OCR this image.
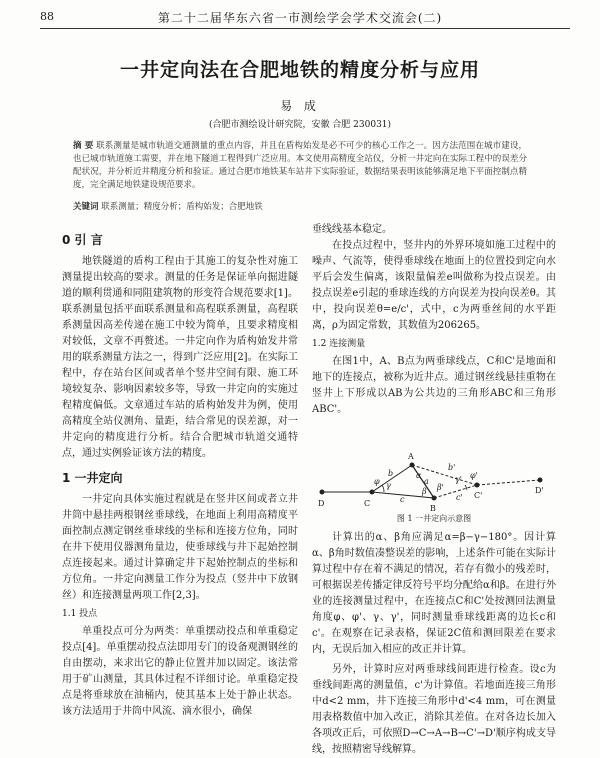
88	第二十二届华东六省一市测绘学会学术交流会(二)
一井定向法在合肥地铁的精度分析与应用
易 成
(合肥市测绘设计研究院，安徽 合肥 230031)
摘 要 联系测量是城市轨道交通测量的重点内容，并且在盾构始发是必不可少的核心工作之一。因方法范围在城市建设，也已城市轨道施工需要，并在地下隧道工程得到广泛应用。本文使用高精度全站仪，分析一井定向在实际工程中的误差分配状况，并分析近井精度分析和验证。通过合肥市地铁某车站井下实际验证，数据结果表明该能够满足地下平面控制点精度，完全满足地铁建设规范要求。
关键词 联系测量；精度分析；盾构始发；合肥地铁
0 引 言

地铁隧道的盾构工程由于其施工的复杂性对施工测量提出较高的要求。测量的任务是保证单向掘进隧道的顺利贯通和同阻建筑物的形变符合规范要求[1]。联系测量包括平面联系测量和高程联系测量，高程联系测量因高差传递在施工中较为简单，且要求精度相对较低，文章不再赘述。一井定向作为盾构始发井常用的联系测量方法之一，得到广泛应用[2]。在实际工程中，存在站台区间或者单个竖井空间有限、施工环境较复杂、影响因素较多等，导致一井定向的实施过程精度偏低。文章通过车站的盾构始发井为例，使用高精度全站仪测角、量距，结合常见的误差源，对一井定向的精度进行分析。结合合肥城市轨道交通特点，通过实例验证该方法的精度。

1 一井定向

一井定向具体实施过程就是在竖井区间或者立井井筒中悬挂两根钢丝垂球线，在地面上利用高精度平面控制点测定钢丝垂球线的坐标和连接方位角，同时在井下使用仪器测角量边，使垂球线与井下起始控制点连接起来。通过计算确定井下起始控制点的坐标和方位角。一井定向测量工作分为投点（竖井中下放钢丝）和连接测量两项工作[2,3]。

1.1 投点

单重投点可分为两类：单重摆动投点和单重稳定投点[4]。单重摆动投点法即用专门的设备观测钢丝的自由摆动，来求出它的静止位置并加以固定。该法常用于矿山测量，其具体过程不详细讨论。单重稳定投点是将垂球放在油桶内，使其基本上处于静止状态。该方法适用于井筒中风流、滴水很小，确保

垂线线基本稳定。

在投点过程中，竖井内的外界环境如施工过程中的噪声、气流等，使得垂球线在地面上的位置投到定向水平后会发生偏离，该限量偏差e叫做称为投点误差。由投点误差e引起的垂球连线的方向误差为投向误差θ。其中，投向误差θ=e/c'，式中，c为两垂丝间的水平距离，ρ为固定常数，其数值为206265。

1.2 连接测量

在图1中，A、B点为两垂球线点，C和C'是地面和地下的连接点，被称为近井点。通过钢丝线悬挂重物在竖井上下形成以AB为公共边的三角形ABC和三角形ABC'。

D	C
A
B
C'
D'
γ
γ'
α
β β'
φ
φ'
a
c
b
c'
b'
图 1 一井定向示意图

计算出的α、β角应满足α=β−γ−180°。因计算α、β角时数值凑整误差的影响，上述条件可能在实际计算过程中存在着不满足的情况，若存有微小的残差时，可根据误差传播定律反符号平均分配给α和β。在进行外业的连接测量过程中，在连接点C和C'处按测回法测量角度φ、φ'、γ、γ'，同时测量垂球线距离的边长c和c'。在观察在记录表格，保证2C值和测回限差在要求内，无误后加入相应的改正并计算。

另外，计算时应对两垂球线间距进行检查。设c为垂线间距离的测量值，c'为计算值。若地面连接三角形中d<2 mm，井下连接三角形中d'<4 mm，可在测量用表格数值中加入改正，消除其差值。在对各边长加入各项改正后，可依照D→C→A→B→C'→D'顺序构成支导线，按照精密导线解算。
